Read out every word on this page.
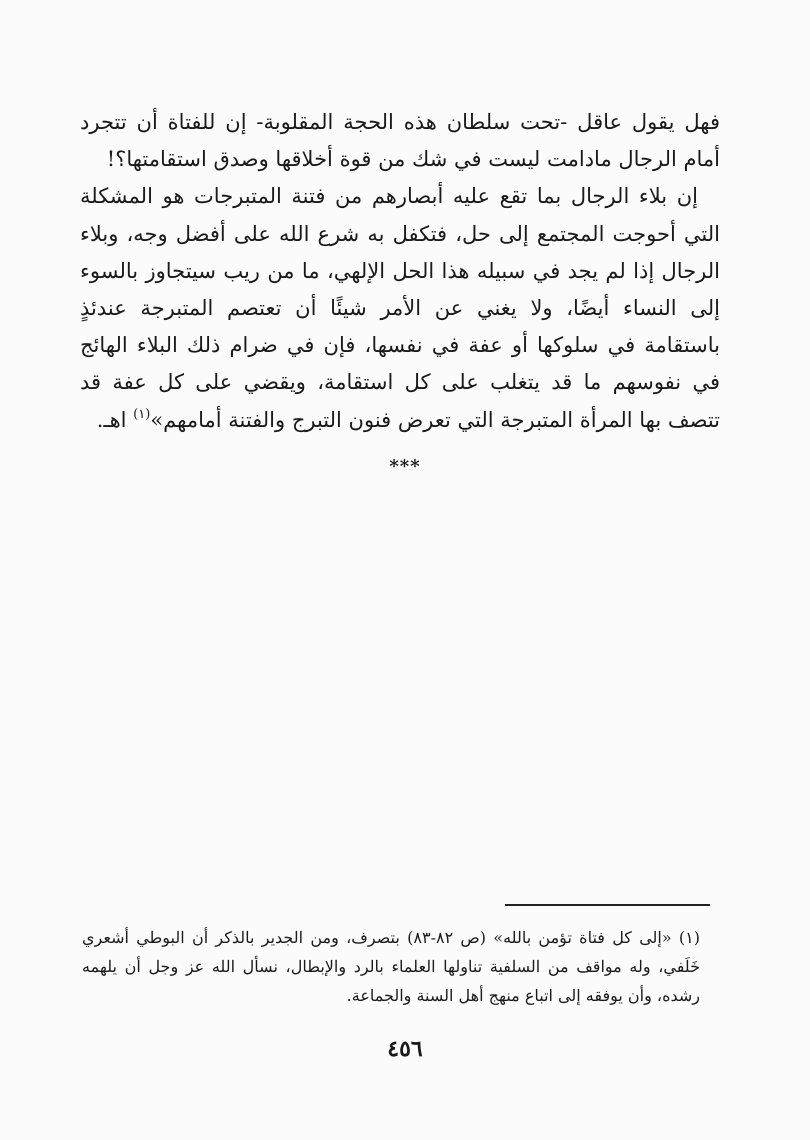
فهل يقول عاقل -تحت سلطان هذه الحجة المقلوبة- إن للفتاة أن تتجرد أمام الرجال مادامت ليست في شك من قوة أخلاقها وصدق استقامتها؟!

إن بلاء الرجال بما تقع عليه أبصارهم من فتنة المتبرجات هو المشكلة التي أحوجت المجتمع إلى حل، فتكفل به شرع الله على أفضل وجه، وبلاء الرجال إذا لم يجد في سبيله هذا الحل الإلهي، ما من ريب سيتجاوز بالسوء إلى النساء أيضًا، ولا يغني عن الأمر شيئًا أن تعتصم المتبرجة عندئذٍ باستقامة في سلوكها أو عفة في نفسها، فإن في ضرام ذلك البلاء الهائج في نفوسهم ما قد يتغلب على كل استقامة، ويقضي على كل عفة قد تتصف بها المرأة المتبرجة التي تعرض فنون التبرج والفتنة أمامهم»$^{(١)}$ اهـ.

***

(١) «إلى كل فتاة تؤمن بالله» (ص ٨٢-٨٣) بتصرف، ومن الجدير بالذكر أن البوطي أشعري خَلَفي، وله مواقف من السلفية تناولها العلماء بالرد والإبطال، نسأل الله عز وجل أن يلهمه رشده، وأن يوفقه إلى اتباع منهج أهل السنة والجماعة.

٤٥٦
